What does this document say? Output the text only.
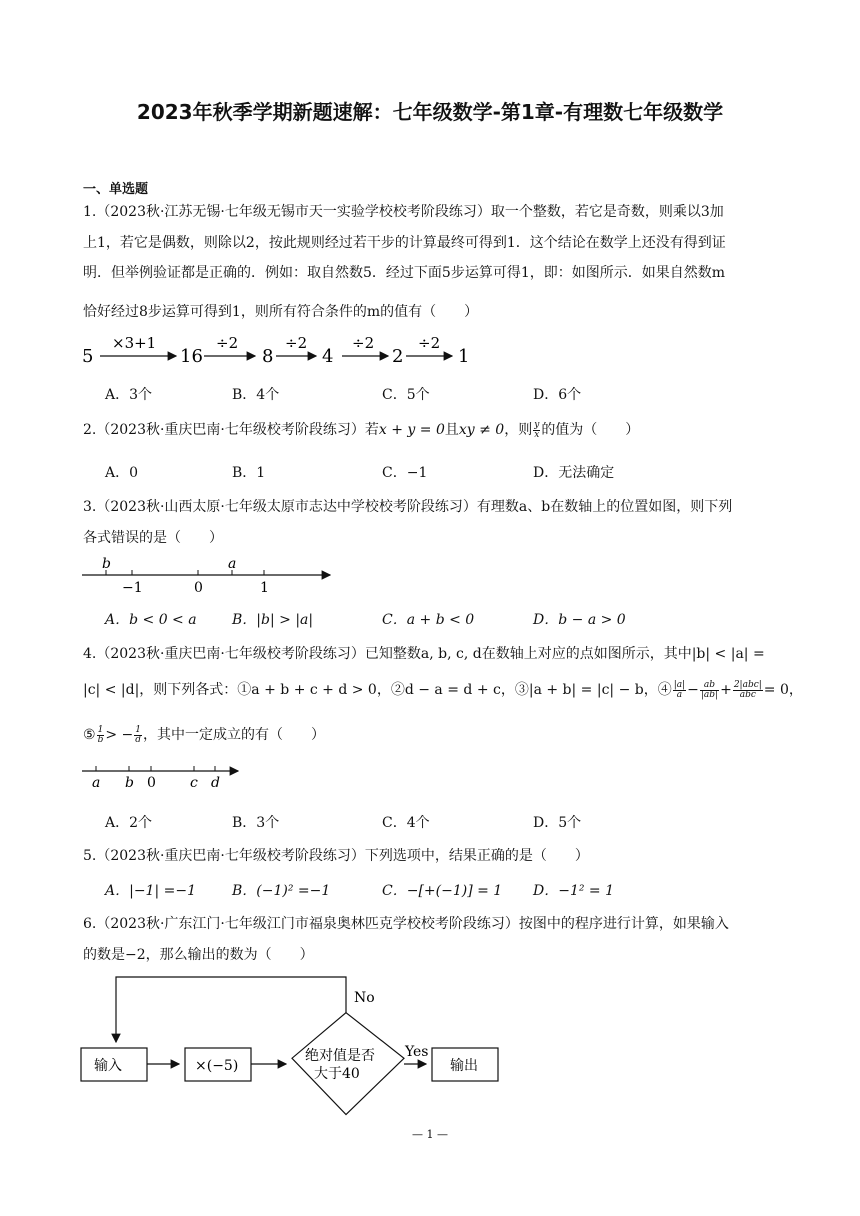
2023年秋季学期新题速解：七年级数学-第1章-有理数七年级数学
一、单选题
1.（2023秋·江苏无锡·七年级无锡市天一实验学校校考阶段练习）取一个整数，若它是奇数，则乘以3加
上1，若它是偶数，则除以2，按此规则经过若干步的计算最终可得到1．这个结论在数学上还没有得到证
明．但举例验证都是正确的．例如：取自然数5．经过下面5步运算可得1，即：如图所示．如果自然数m
恰好经过8步运算可得到1，则所有符合条件的m的值有（　　）
5
×3+1
16
÷2
8
÷2
4
÷2
2
÷2
1
A．3个	B．4个	C．5个	D．6个
2.（2023秋·重庆巴南·七年级校考阶段练习）若x + y = 0且xy ≠ 0，则 $\frac{y}{x}$ 的值为（　　）
A．0	B．1	C．−1	D．无法确定
3.（2023秋·山西太原·七年级太原市志达中学校校考阶段练习）有理数a、b在数轴上的位置如图，则下列
各式错误的是（　　）
b	a
−1	0	1
A．b < 0 < a	B．|b| > |a|	C．a + b < 0	D．b − a > 0
4.（2023秋·重庆巴南·七年级校考阶段练习）已知整数a, b, c, d在数轴上对应的点如图所示，其中|b| < |a| =
|c| < |d|，则下列各式：①a + b + c + d > 0，②d − a = d + c，③|a + b| = |c| − b，④ $\frac{|a|}{a} - \frac{ab}{|ab|} + \frac{\text{2|abc|}}{\text{abc}} = 0$，
⑤ $\frac{1}{b}$ > − $\frac{1}{d}$ ，其中一定成立的有（　　）
a b 0 c d
A．2个	B．3个	C．4个	D．5个
5.（2023秋·重庆巴南·七年级校考阶段练习）下列选项中，结果正确的是（　　）
A．|−1| =−1	B．(−1)² =−1	C．−[+(−1)] = 1 D．−1² = 1
6.（2023秋·广东江门·七年级江门市福泉奥林匹克学校校考阶段练习）按图中的程序进行计算，如果输入
的数是−2，那么输出的数为（　　）
输入	×(−5)
绝对值是否
大于40
No
Yes
输出
— 1 —
